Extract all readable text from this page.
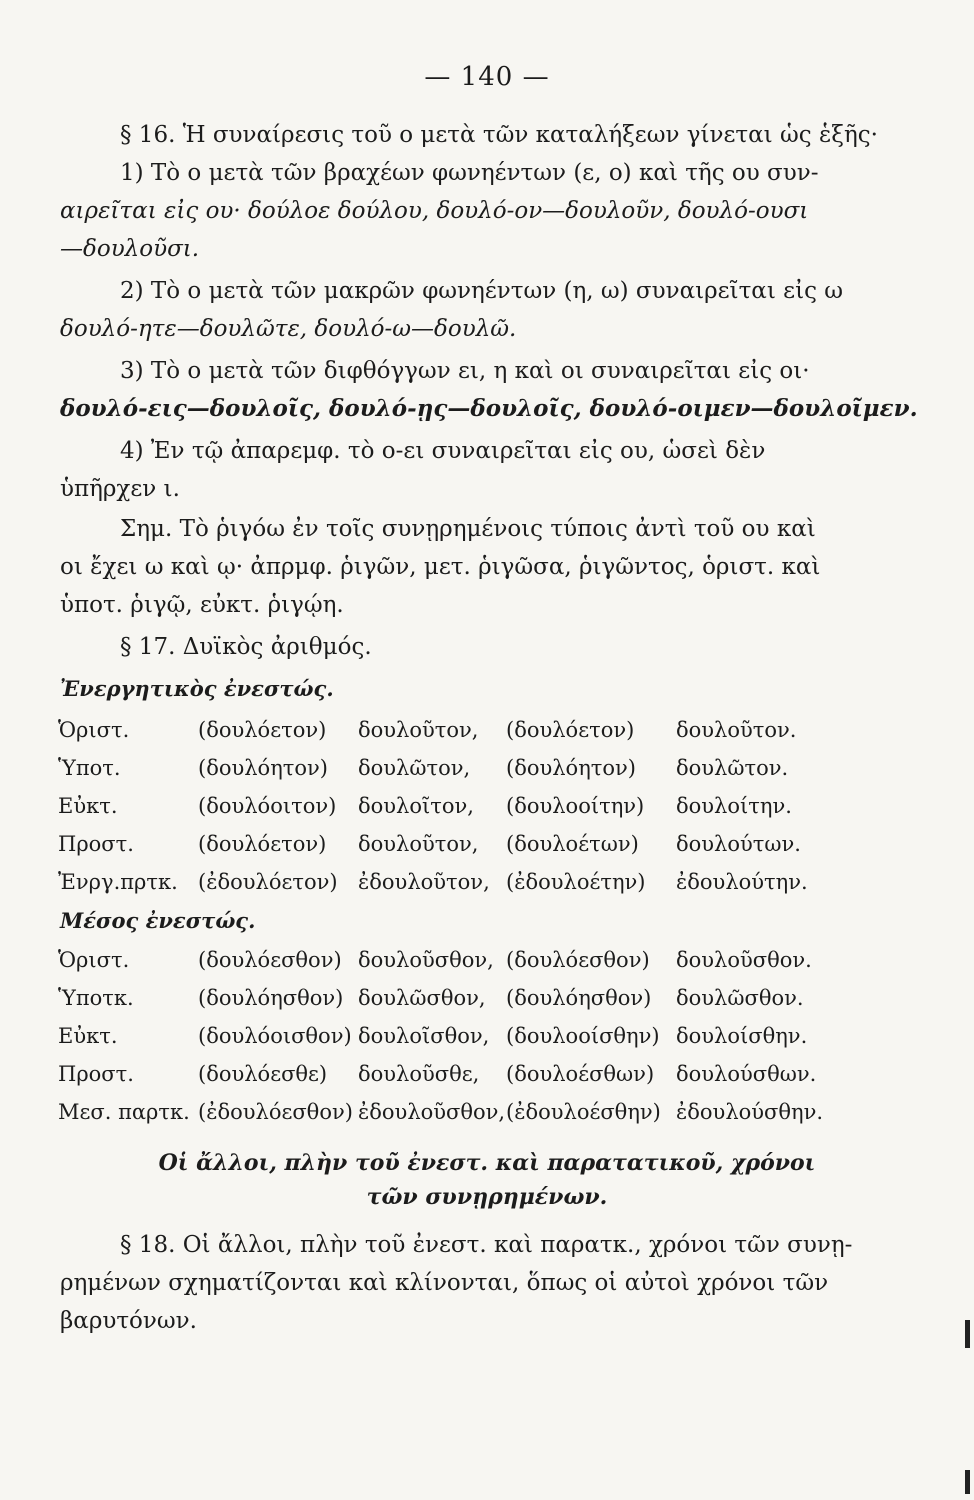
— 140 —
§ 16. Ἡ συναίρεσις τοῦ ο μετὰ τῶν καταλήξεων γίνεται ὡς ἑξῆς·
1) Τὸ ο μετὰ τῶν βραχέων φωνηέντων (ε, ο) καὶ τῆς ου συν-
αιρεῖται εἰς ου· δούλοε δούλου, δουλό-ον—δουλοῦν, δουλό-ουσι
—δουλοῦσι.
2) Τὸ ο μετὰ τῶν μακρῶν φωνηέντων (η, ω) συναιρεῖται εἰς ω
δουλό-ητε—δουλῶτε, δουλό-ω—δουλῶ.
3) Τὸ ο μετὰ τῶν διφθόγγων ει, η καὶ οι συναιρεῖται εἰς οι·
δουλό-εις—δουλοῖς, δουλό-ῃς—δουλοῖς, δουλό-οιμεν—δουλοῖμεν.
4) Ἐν τῷ ἀπαρεμφ. τὸ ο-ει συναιρεῖται εἰς ου, ὡσεὶ δὲν
ὑπῆρχεν ι.
Σημ. Τὸ ῥιγόω ἐν τοῖς συνῃρημένοις τύποις ἀντὶ τοῦ ου καὶ
οι ἔχει ω καὶ ῳ· ἀπρμφ. ῥιγῶν, μετ. ῥιγῶσα, ῥιγῶντος, ὁριστ. καὶ
ὑποτ. ῥιγῷ, εὐκτ. ῥιγῴη.
§ 17. Δυϊκὸς ἀριθμός.
Ἐνεργητικὸς ἐνεστώς.
Ὁριστ.	(δουλόετον) δουλοῦτον, (δουλόετον) δουλοῦτον.
Ὑποτ.	(δουλόητον) δουλῶτον, (δουλόητον) δουλῶτον.
Εὐκτ.	(δουλόοιτον) δουλοῖτον, (δουλοοίτην) δουλοίτην.
Προστ.	(δουλόετον) δουλοῦτον, (δουλοέτων) δουλούτων.
Ἐνργ.πρτκ. (ἐδουλόετον) ἐδουλοῦτον, (ἐδουλοέτην) ἐδουλούτην.
Μέσος ἐνεστώς.
Ὁριστ.	(δουλόεσθον) δουλοῦσθον, (δουλόεσθον) δουλοῦσθον.
Ὑποτκ.	(δουλόησθον) δουλῶσθον, (δουλόησθον) δουλῶσθον.
Εὐκτ.	(δουλόοισθον) δουλοῖσθον, (δουλοοίσθην) δουλοίσθην.
Προστ.	(δουλόεσθε) δουλοῦσθε, (δουλοέσθων) δουλούσθων.
Μεσ. παρτκ. (ἐδουλόεσθον) ἐδουλοῦσθον, (ἐδουλοέσθην) ἐδουλούσθην.
Οἱ ἄλλοι, πλὴν τοῦ ἐνεστ. καὶ παρατατικοῦ, χρόνοι
τῶν συνῃρημένων.
§ 18. Οἱ ἄλλοι, πλὴν τοῦ ἐνεστ. καὶ παρατκ., χρόνοι τῶν συνῃ-
ρημένων σχηματίζονται καὶ κλίνονται, ὅπως οἱ αὐτοὶ χρόνοι τῶν
βαρυτόνων.
